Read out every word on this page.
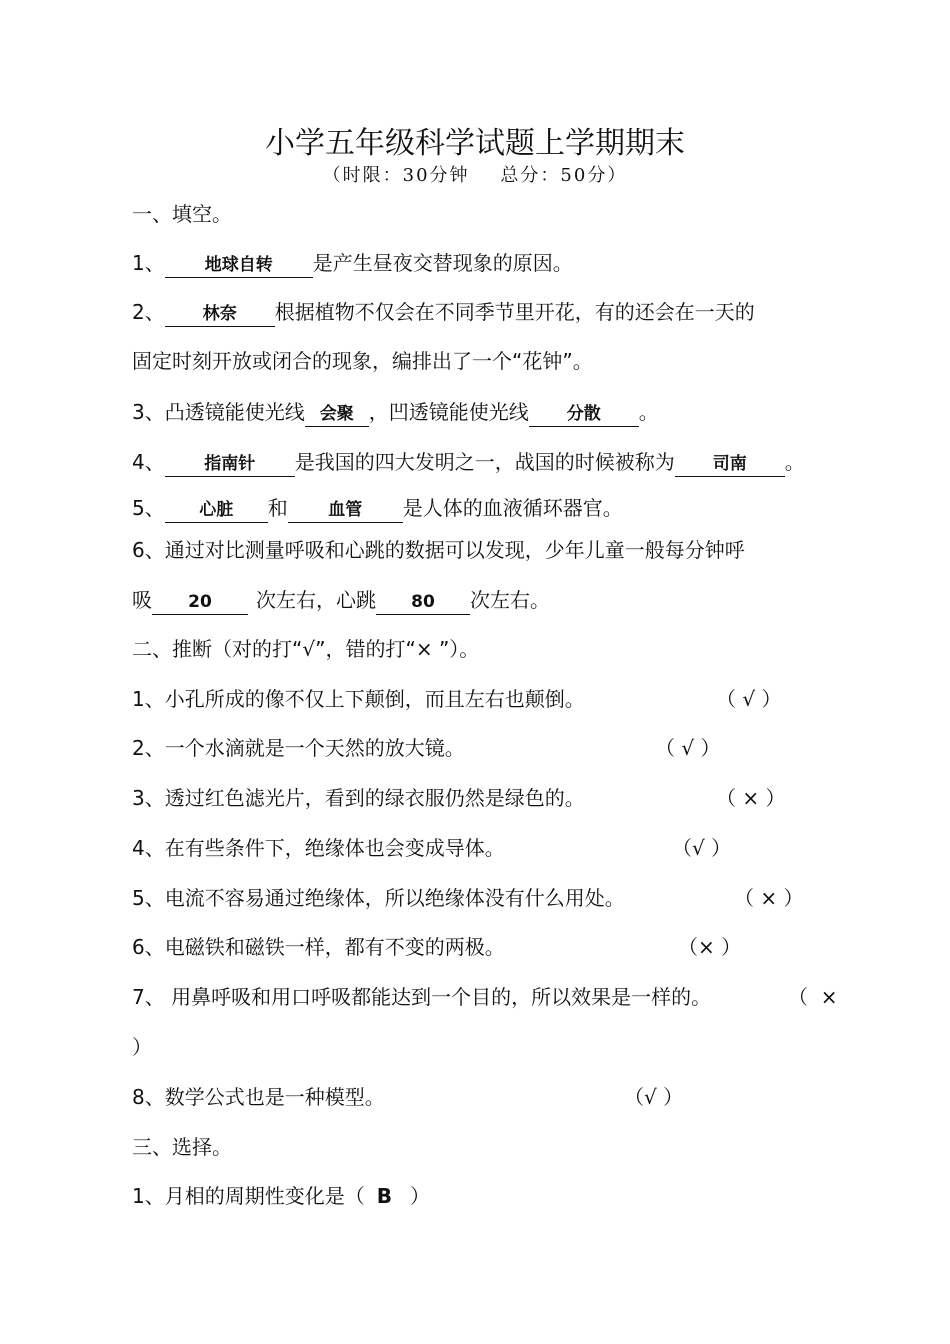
小学五年级科学试题上学期期末
（时限：30分钟    总分：50分）
一、填空。
1、 地球自转 是产生昼夜交替现象的原因。
2、 林奈 根据植物不仅会在不同季节里开花，有的还会在一天的
固定时刻开放或闭合的现象，编排出了一个“花钟”。
3、凸透镜能使光线 会聚 ，凹透镜能使光线 分散 。
4、 指南针 是我国的四大发明之一，战国的时候被称为 司南 。
5、 心脏 和 血管 是人体的血液循环器官。
6、通过对比测量呼吸和心跳的数据可以发现，少年儿童一般每分钟呼
吸 20 次左右，心跳 80 次左右。
二、推断（对的打“√”，错的打“× ”）。
1、小孔所成的像不仅上下颠倒，而且左右也颠倒。	（ √ ）
2、一个水滴就是一个天然的放大镜。	（ √ ）
3、透过红色滤光片，看到的绿衣服仍然是绿色的。	（ × ）
4、在有些条件下，绝缘体也会变成导体。	（√ ）
5、电流不容易通过绝缘体，所以绝缘体没有什么用处。	（ × ）
6、电磁铁和磁铁一样，都有不变的两极。	（× ）
7、 用鼻呼吸和用口呼吸都能达到一个目的，所以效果是一样的。	（  ×
）
8、数学公式也是一种模型。	（√ ）
三、选择。
1、月相的周期性变化是（ B ）
